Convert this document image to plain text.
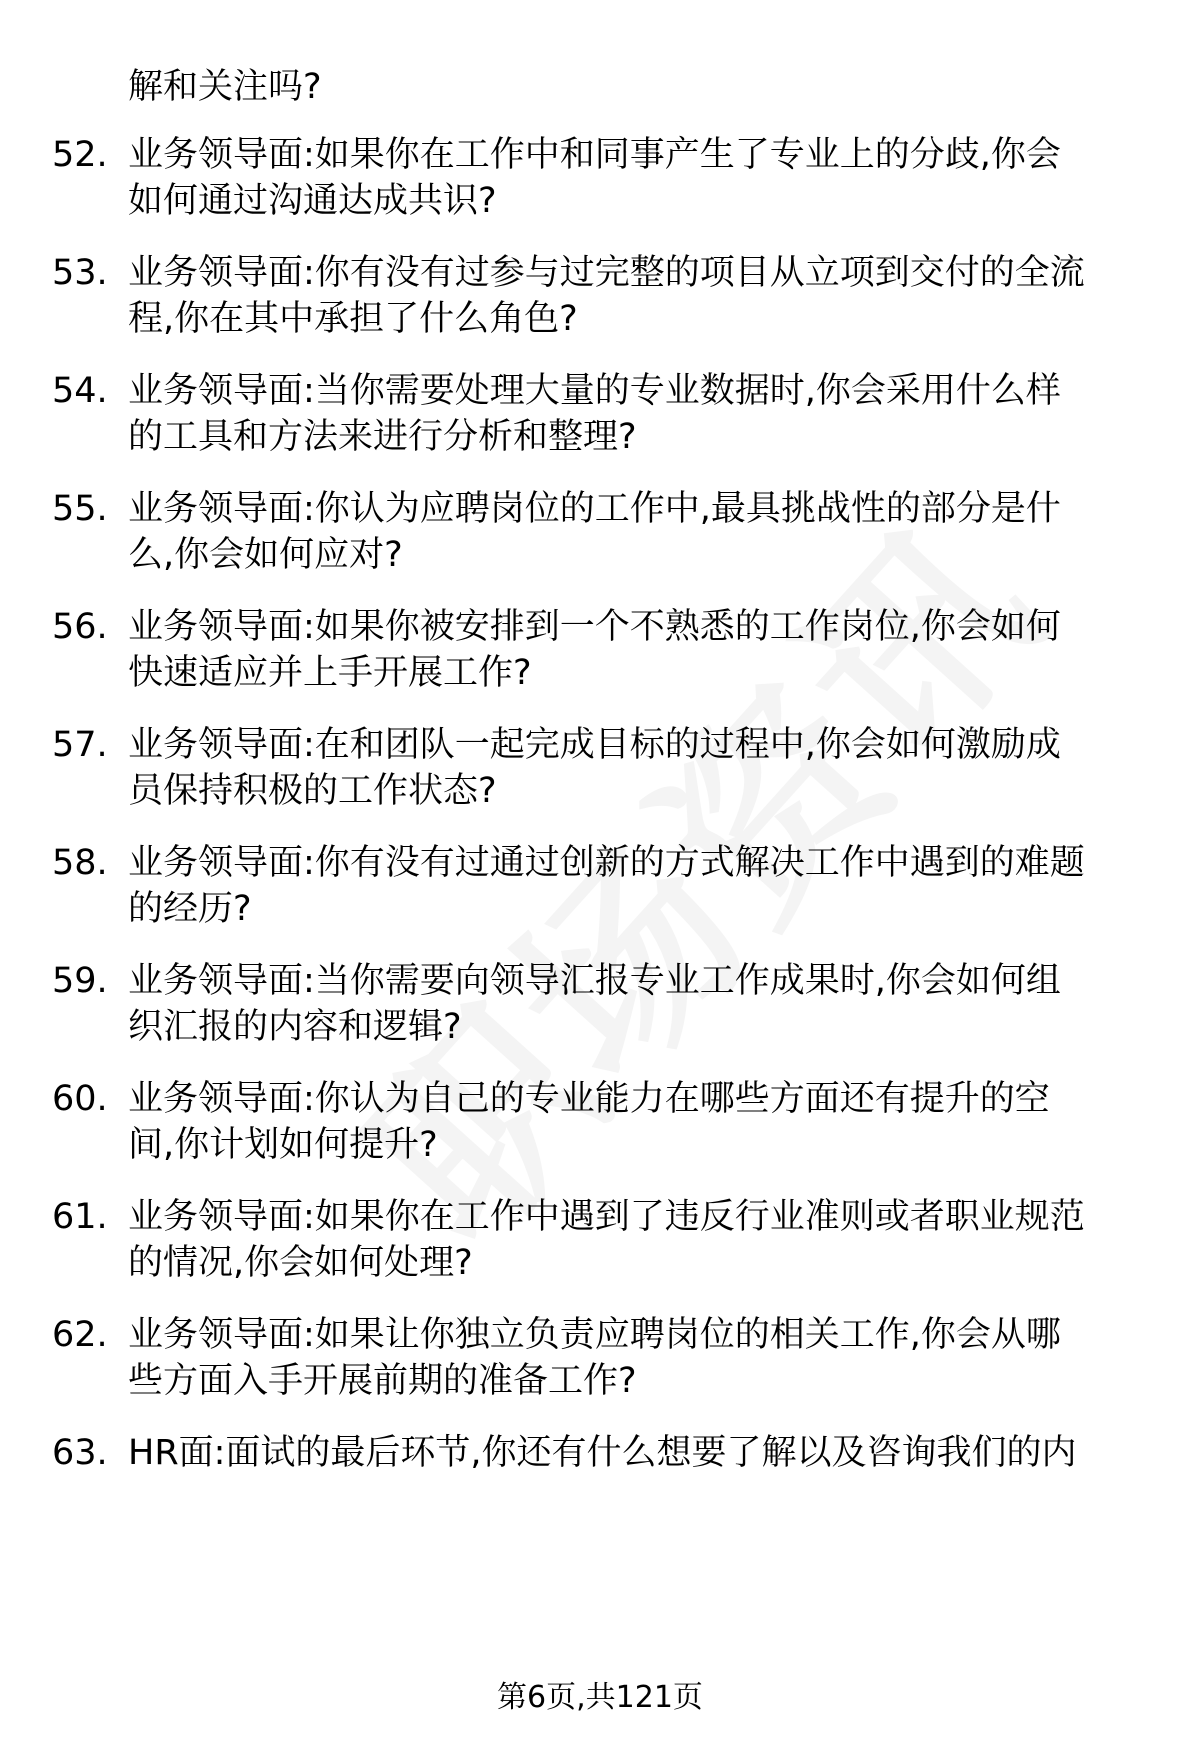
解和关注吗?
52. 业务领导面:如果你在工作中和同事产生了专业上的分歧,你会
如何通过沟通达成共识?
53. 业务领导面:你有没有过参与过完整的项目从立项到交付的全流
程,你在其中承担了什么角色?
54. 业务领导面:当你需要处理大量的专业数据时,你会采用什么样
的工具和方法来进行分析和整理?
55. 业务领导面:你认为应聘岗位的工作中,最具挑战性的部分是什
么,你会如何应对?
56. 业务领导面:如果你被安排到一个不熟悉的工作岗位,你会如何
快速适应并上手开展工作?
57. 业务领导面:在和团队一起完成目标的过程中,你会如何激励成
员保持积极的工作状态?
58. 业务领导面:你有没有过通过创新的方式解决工作中遇到的难题
的经历?
59. 业务领导面:当你需要向领导汇报专业工作成果时,你会如何组
织汇报的内容和逻辑?
60. 业务领导面:你认为自己的专业能力在哪些方面还有提升的空
间,你计划如何提升?
61. 业务领导面:如果你在工作中遇到了违反行业准则或者职业规范
的情况,你会如何处理?
62. 业务领导面:如果让你独立负责应聘岗位的相关工作,你会从哪
些方面入手开展前期的准备工作?
63. HR面:面试的最后环节,你还有什么想要了解以及咨询我们的内
第6页,共121页
